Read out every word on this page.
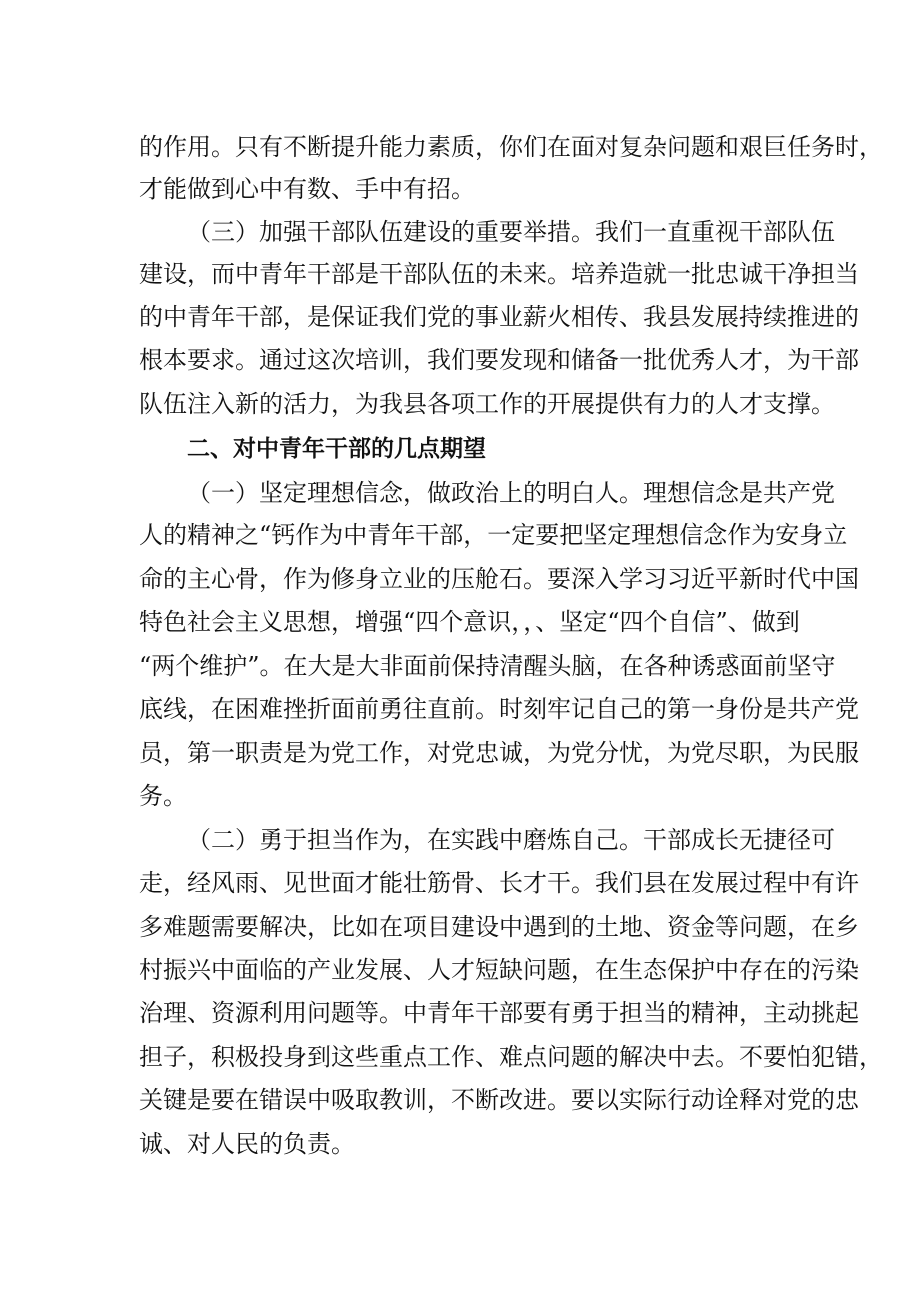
的作用。只有不断提升能力素质，你们在面对复杂问题和艰巨任务时，
才能做到心中有数、手中有招。
（三）加强干部队伍建设的重要举措。我们一直重视干部队伍
建设，而中青年干部是干部队伍的未来。培养造就一批忠诚干净担当
的中青年干部，是保证我们党的事业薪火相传、我县发展持续推进的
根本要求。通过这次培训，我们要发现和储备一批优秀人才，为干部
队伍注入新的活力，为我县各项工作的开展提供有力的人才支撑。
二、对中青年干部的几点期望
（一）坚定理想信念，做政治上的明白人。理想信念是共产党
人的精神之“钙作为中青年干部，一定要把坚定理想信念作为安身立
命的主心骨，作为修身立业的压舱石。要深入学习习近平新时代中国
特色社会主义思想，增强“四个意识，，、坚定“四个自信”、做到
“两个维护”。在大是大非面前保持清醒头脑，在各种诱惑面前坚守
底线，在困难挫折面前勇往直前。时刻牢记自己的第一身份是共产党
员，第一职责是为党工作，对党忠诚，为党分忧，为党尽职，为民服
务。
（二）勇于担当作为，在实践中磨炼自己。干部成长无捷径可
走，经风雨、见世面才能壮筋骨、长才干。我们县在发展过程中有许
多难题需要解决，比如在项目建设中遇到的土地、资金等问题，在乡
村振兴中面临的产业发展、人才短缺问题，在生态保护中存在的污染
治理、资源利用问题等。中青年干部要有勇于担当的精神，主动挑起
担子，积极投身到这些重点工作、难点问题的解决中去。不要怕犯错，
关键是要在错误中吸取教训，不断改进。要以实际行动诠释对党的忠
诚、对人民的负责。
